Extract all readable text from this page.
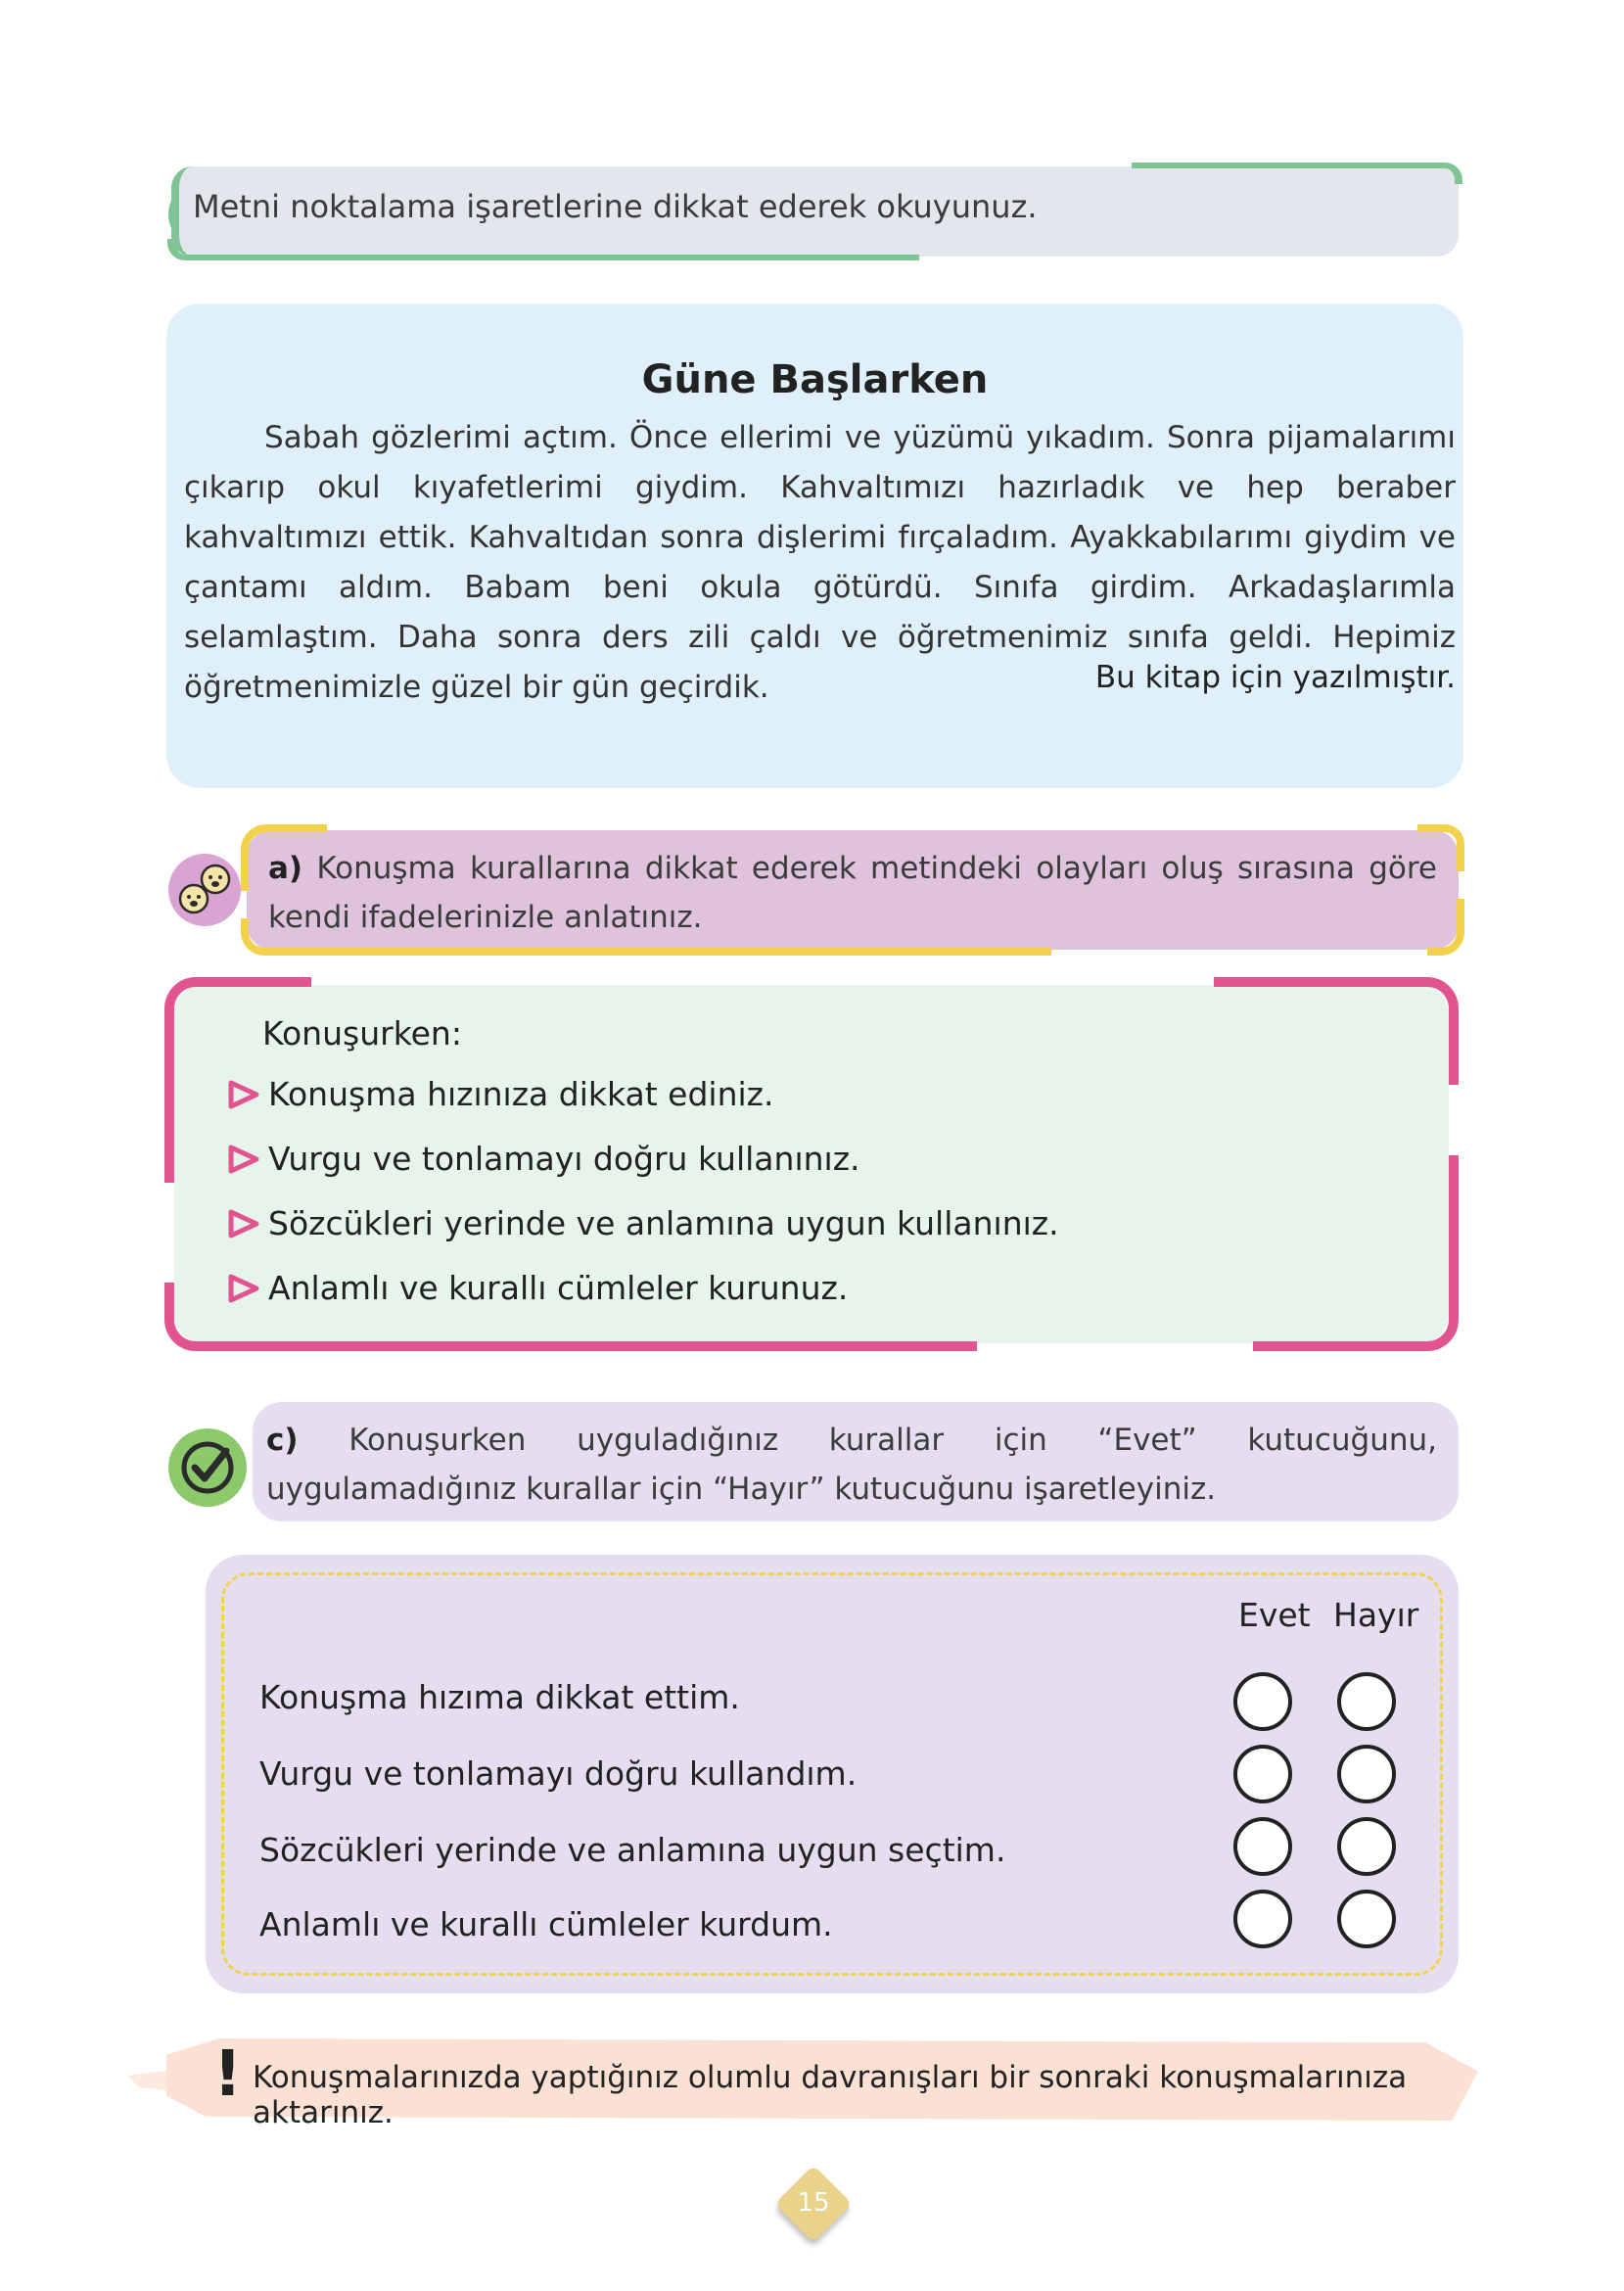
Metni noktalama işaretlerine dikkat ederek okuyunuz.
Güne Başlarken
Sabah gözlerimi açtım. Önce ellerimi ve yüzümü yıkadım. Sonra pijamalarımı çıkarıp okul kıyafetlerimi giydim. Kahvaltımızı hazırladık ve hep beraber kahvaltımızı ettik. Kahvaltıdan sonra dişlerimi fırçaladım. Ayakkabılarımı giydim ve çantamı aldım. Babam beni okula götürdü. Sınıfa girdim. Arkadaşlarımla selamlaştım. Daha sonra ders zili çaldı ve öğretmenimiz sınıfa geldi. Hepimiz öğretmenimizle güzel bir gün geçirdik.	Bu kitap için yazılmıştır.
a) Konuşma kurallarına dikkat ederek metindeki olayları oluş sırasına göre kendi ifadelerinizle anlatınız.
Konuşurken:
Konuşma hızınıza dikkat ediniz.
Vurgu ve tonlamayı doğru kullanınız.
Sözcükleri yerinde ve anlamına uygun kullanınız.
Anlamlı ve kurallı cümleler kurunuz.
c) Konuşurken uyguladığınız kurallar için “Evet” kutucuğunu, uygulamadığınız kurallar için “Hayır” kutucuğunu işaretleyiniz.
Evet Hayır
Konuşma hızıma dikkat ettim.
Vurgu ve tonlamayı doğru kullandım.
Sözcükleri yerinde ve anlamına uygun seçtim.
Anlamlı ve kurallı cümleler kurdum.
! Konuşmalarınızda yaptığınız olumlu davranışları bir sonraki konuşmalarınıza aktarınız.
15
